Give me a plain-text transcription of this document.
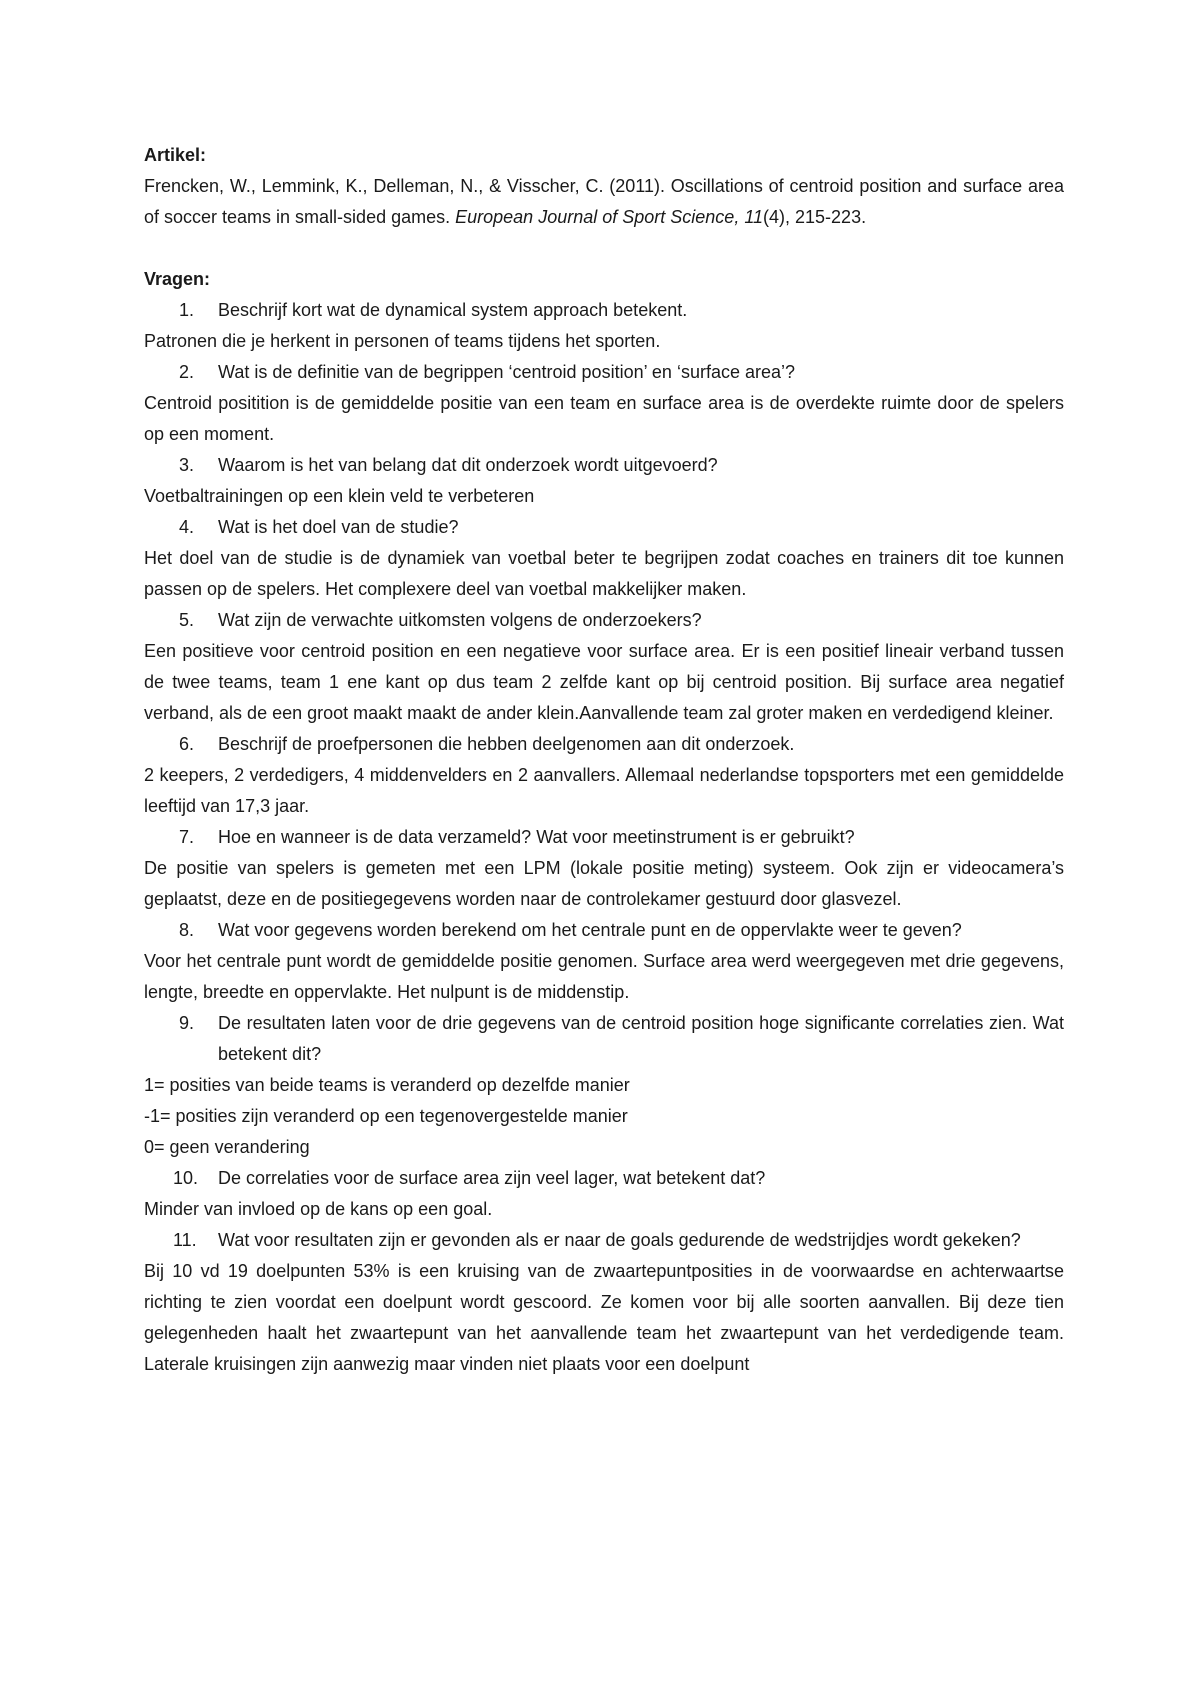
Artikel:

Frencken, W., Lemmink, K., Delleman, N., & Visscher, C. (2011). Oscillations of centroid position and surface area of soccer teams in small-sided games. European Journal of Sport Science, 11(4), 215-223.

Vragen:
1.	Beschrijf kort wat de dynamical system approach betekent.

Patronen die je herkent in personen of teams tijdens het sporten.

2.	Wat is de definitie van de begrippen ‘centroid position’ en ‘surface area’?

Centroid positition is de gemiddelde positie van een team en surface area is de overdekte ruimte door de spelers op een moment.

3.	Waarom is het van belang dat dit onderzoek wordt uitgevoerd?

Voetbaltrainingen op een klein veld te verbeteren

4.	Wat is het doel van de studie?

Het doel van de studie is de dynamiek van voetbal beter te begrijpen zodat coaches en trainers dit toe kunnen passen op de spelers. Het complexere deel van voetbal makkelijker maken.

5.	Wat zijn de verwachte uitkomsten volgens de onderzoekers?

Een positieve voor centroid position en een negatieve voor surface area. Er is een positief lineair verband tussen de twee teams, team 1 ene kant op dus team 2 zelfde kant op bij centroid position. Bij surface area negatief verband, als de een groot maakt maakt de ander klein.Aanvallende team zal groter maken en verdedigend kleiner.

6.	Beschrijf de proefpersonen die hebben deelgenomen aan dit onderzoek.

2 keepers, 2 verdedigers, 4 middenvelders en 2 aanvallers. Allemaal nederlandse topsporters met een gemiddelde leeftijd van 17,3 jaar.

7.	Hoe en wanneer is de data verzameld? Wat voor meetinstrument is er gebruikt?

De positie van spelers is gemeten met een LPM (lokale positie meting) systeem. Ook zijn er videocamera’s geplaatst, deze en de positiegegevens worden naar de controlekamer gestuurd door glasvezel.

8.	Wat voor gegevens worden berekend om het centrale punt en de oppervlakte weer te geven?

Voor het centrale punt wordt de gemiddelde positie genomen. Surface area werd weergegeven met drie gegevens, lengte, breedte en oppervlakte. Het nulpunt is de middenstip.

9.	De resultaten laten voor de drie gegevens van de centroid position hoge significante correlaties zien. Wat betekent dit?

1= posities van beide teams is veranderd op dezelfde manier

-1= posities zijn veranderd op een tegenovergestelde manier

0= geen verandering

10.	De correlaties voor de surface area zijn veel lager, wat betekent dat?

Minder van invloed op de kans op een goal.

11.	Wat voor resultaten zijn er gevonden als er naar de goals gedurende de wedstrijdjes wordt gekeken?

Bij 10 vd 19 doelpunten 53% is een kruising van de zwaartepuntposities in de voorwaardse en achterwaartse richting te zien voordat een doelpunt wordt gescoord. Ze komen voor bij alle soorten aanvallen. Bij deze tien gelegenheden haalt het zwaartepunt van het aanvallende team het zwaartepunt van het verdedigende team. Laterale kruisingen zijn aanwezig maar vinden niet plaats voor een doelpunt
